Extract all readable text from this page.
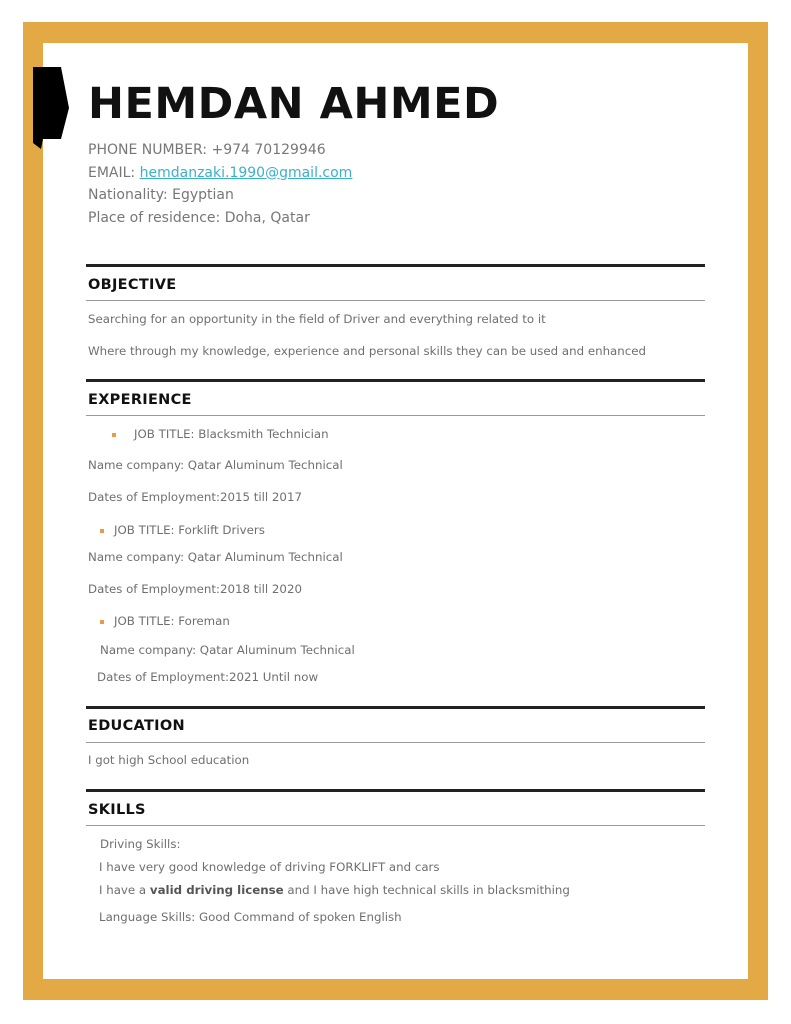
HEMDAN AHMED
PHONE NUMBER: +974 70129946
EMAIL: hemdanzaki.1990@gmail.com
Nationality: Egyptian
Place of residence: Doha, Qatar
OBJECTIVE
Searching for an opportunity in the field of Driver and everything related to it
Where through my knowledge, experience and personal skills they can be used and enhanced
EXPERIENCE
JOB TITLE: Blacksmith Technician
Name company: Qatar Aluminum Technical
Dates of Employment:2015 till 2017
JOB TITLE: Forklift Drivers
Name company: Qatar Aluminum Technical
Dates of Employment:2018 till 2020
JOB TITLE: Foreman
Name company: Qatar Aluminum Technical
Dates of Employment:2021 Until now
EDUCATION
I got high School education
SKILLS
Driving Skills:
I have very good knowledge of driving FORKLIFT and cars
I have a valid driving license and I have high technical skills in blacksmithing
Language Skills: Good Command of spoken English
